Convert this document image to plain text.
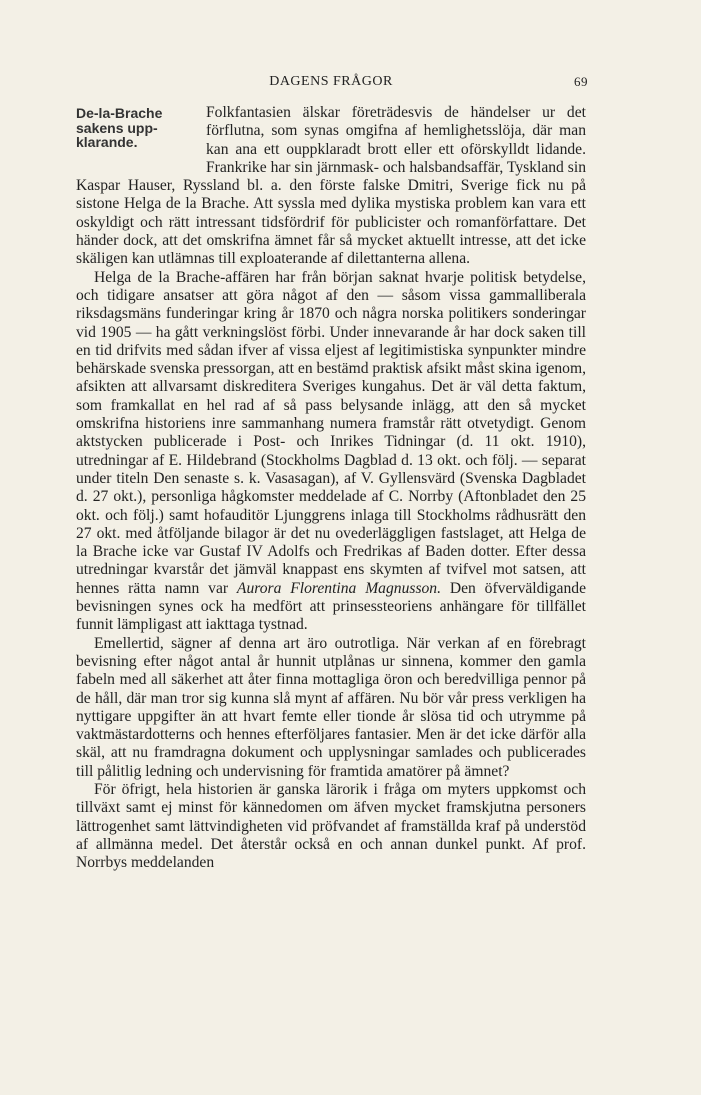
DAGENS FRÅGOR	69
De-la-Brache sakens upp-klarande.

Folkfantasien älskar företrädesvis de händelser ur det förflutna, som synas omgifna af hemlighetsslöja, där man kan ana ett ouppklaradt brott eller ett oförskylldt lidande. Frankrike har sin järnmask- och halsbandsaffär, Tyskland sin Kaspar Hauser, Ryssland bl. a. den förste falske Dmitri, Sverige fick nu på sistone Helga de la Brache. Att syssla med dylika mystiska problem kan vara ett oskyldigt och rätt intressant tidsfördrif för publicister och romanförfattare. Det händer dock, att det omskrifna ämnet får så mycket aktuellt intresse, att det icke skäligen kan utlämnas till exploaterande af dilettanterna allena.

Helga de la Brache-affären har från början saknat hvarje politisk betydelse, och tidigare ansatser att göra något af den — såsom vissa gammalliberala riksdagsmäns funderingar kring år 1870 och några norska politikers sonderingar vid 1905 — ha gått verkningslöst förbi. Under innevarande år har dock saken till en tid drifvits med sådan ifver af vissa eljest af legitimistiska synpunkter mindre behärskade svenska pressorgan, att en bestämd praktisk afsikt måst skina igenom, afsikten att allvarsamt diskreditera Sveriges kungahus. Det är väl detta faktum, som framkallat en hel rad af så pass belysande inlägg, att den så mycket omskrifna historiens inre sammanhang numera framstår rätt otvetydigt. Genom aktstycken publicerade i Post- och Inrikes Tidningar (d. 11 okt. 1910), utredningar af E. Hildebrand (Stockholms Dagblad d. 13 okt. och följ. — separat under titeln Den senaste s. k. Vasasagan), af V. Gyllensvärd (Svenska Dagbladet d. 27 okt.), personliga hågkomster meddelade af C. Norrby (Aftonbladet den 25 okt. och följ.) samt hofauditör Ljunggrens inlaga till Stockholms rådhusrätt den 27 okt. med åtföljande bilagor är det nu ovederläggligen fastslaget, att Helga de la Brache icke var Gustaf IV Adolfs och Fredrikas af Baden dotter. Efter dessa utredningar kvarstår det jämväl knappast ens skymten af tvifvel mot satsen, att hennes rätta namn var Aurora Florentina Magnusson. Den öfverväldigande bevisningen synes ock ha medfört att prinsessteoriens anhängare för tillfället funnit lämpligast att iakttaga tystnad.

Emellertid, sägner af denna art äro outrotliga. När verkan af en förebragt bevisning efter något antal år hunnit utplånas ur sinnena, kommer den gamla fabeln med all säkerhet att åter finna mottagliga öron och beredvilliga pennor på de håll, där man tror sig kunna slå mynt af affären. Nu bör vår press verkligen ha nyttigare uppgifter än att hvart femte eller tionde år slösa tid och utrymme på vaktmästardotterns och hennes efterföljares fantasier. Men är det icke därför alla skäl, att nu framdragna dokument och upplysningar samlades och publicerades till pålitlig ledning och undervisning för framtida amatörer på ämnet?

För öfrigt, hela historien är ganska lärorik i fråga om myters uppkomst och tillväxt samt ej minst för kännedomen om äfven mycket framskjutna personers lättrogenhet samt lättvindigheten vid pröfvandet af framställda kraf på understöd af allmänna medel. Det återstår också en och annan dunkel punkt. Af prof. Norrbys meddelanden
